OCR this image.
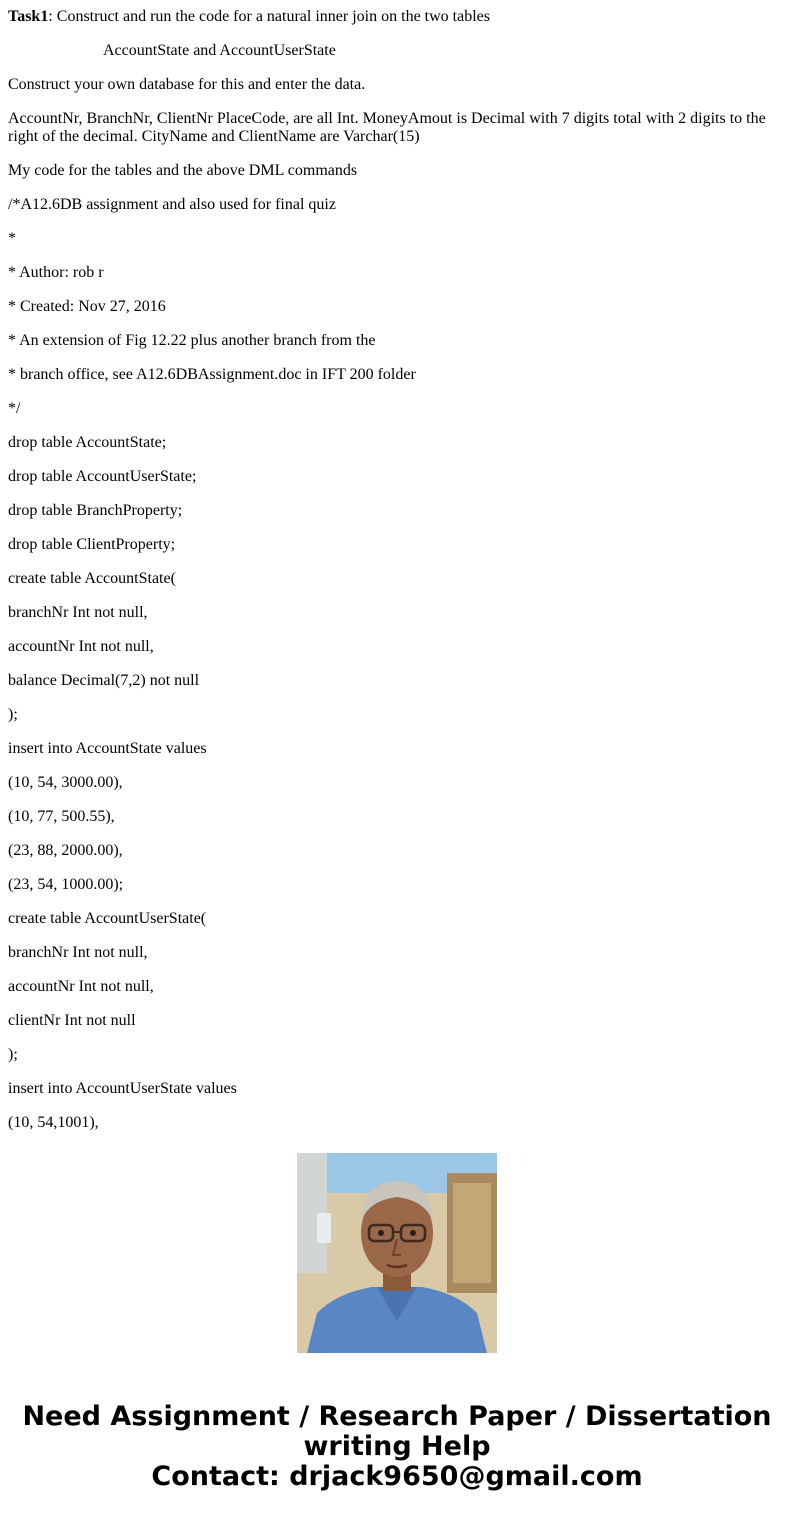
Task1: Construct and run the code for a natural inner join on the two tables

AccountState and AccountUserState

Construct your own database for this and enter the data.

AccountNr, BranchNr, ClientNr PlaceCode, are all Int. MoneyAmout is Decimal with 7 digits total with 2 digits to the right of the decimal. CityName and ClientName are Varchar(15)

My code for the tables and the above DML commands

/*A12.6DB assignment and also used for final quiz

*

* Author: rob r

* Created: Nov 27, 2016

* An extension of Fig 12.22 plus another branch from the

* branch office, see A12.6DBAssignment.doc in IFT 200 folder

*/

drop table AccountState;

drop table AccountUserState;

drop table BranchProperty;

drop table ClientProperty;

create table AccountState(

branchNr Int not null,

accountNr Int not null,

balance Decimal(7,2) not null

);

insert into AccountState values

(10, 54, 3000.00),

(10, 77, 500.55),

(23, 88, 2000.00),

(23, 54, 1000.00);

create table AccountUserState(

branchNr Int not null,

accountNr Int not null,

clientNr Int not null

);

insert into AccountUserState values

(10, 54,1001),

Need Assignment / Research Paper / Dissertation
writing Help
Contact: drjack9650@gmail.com
